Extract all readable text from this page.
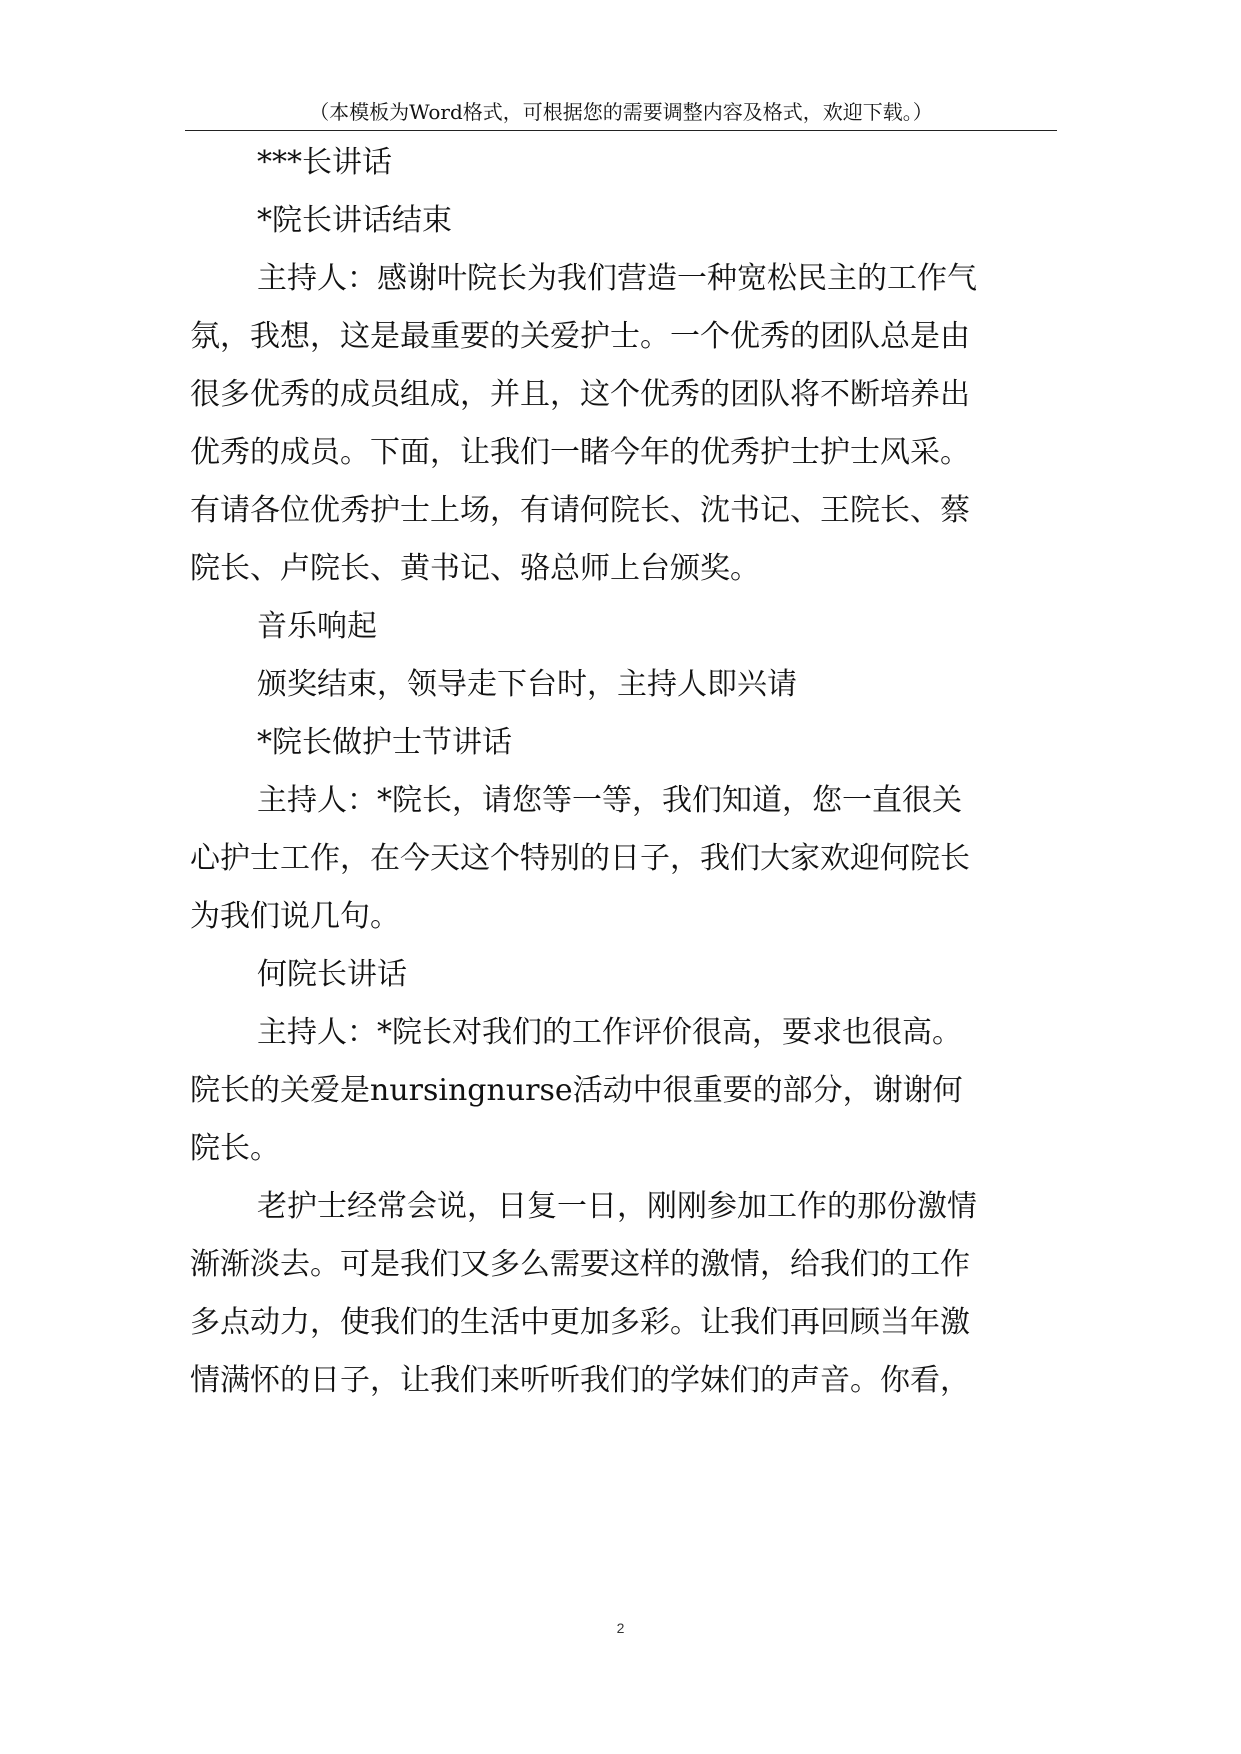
（本模板为Word格式，可根据您的需要调整内容及格式，欢迎下载。）
***长讲话
*院长讲话结束
主持人：感谢叶院长为我们营造一种宽松民主的工作气
氛，我想，这是最重要的关爱护士。一个优秀的团队总是由
很多优秀的成员组成，并且，这个优秀的团队将不断培养出
优秀的成员。下面，让我们一睹今年的优秀护士护士风采。
有请各位优秀护士上场，有请何院长、沈书记、王院长、蔡
院长、卢院长、黄书记、骆总师上台颁奖。
音乐响起
颁奖结束，领导走下台时，主持人即兴请
*院长做护士节讲话
主持人：*院长，请您等一等，我们知道，您一直很关
心护士工作，在今天这个特别的日子，我们大家欢迎何院长
为我们说几句。
何院长讲话
主持人：*院长对我们的工作评价很高，要求也很高。
院长的关爱是nursingnurse活动中很重要的部分，谢谢何
院长。
老护士经常会说，日复一日，刚刚参加工作的那份激情
渐渐淡去。可是我们又多么需要这样的激情，给我们的工作
多点动力，使我们的生活中更加多彩。让我们再回顾当年激
情满怀的日子，让我们来听听我们的学妹们的声音。你看，
2
